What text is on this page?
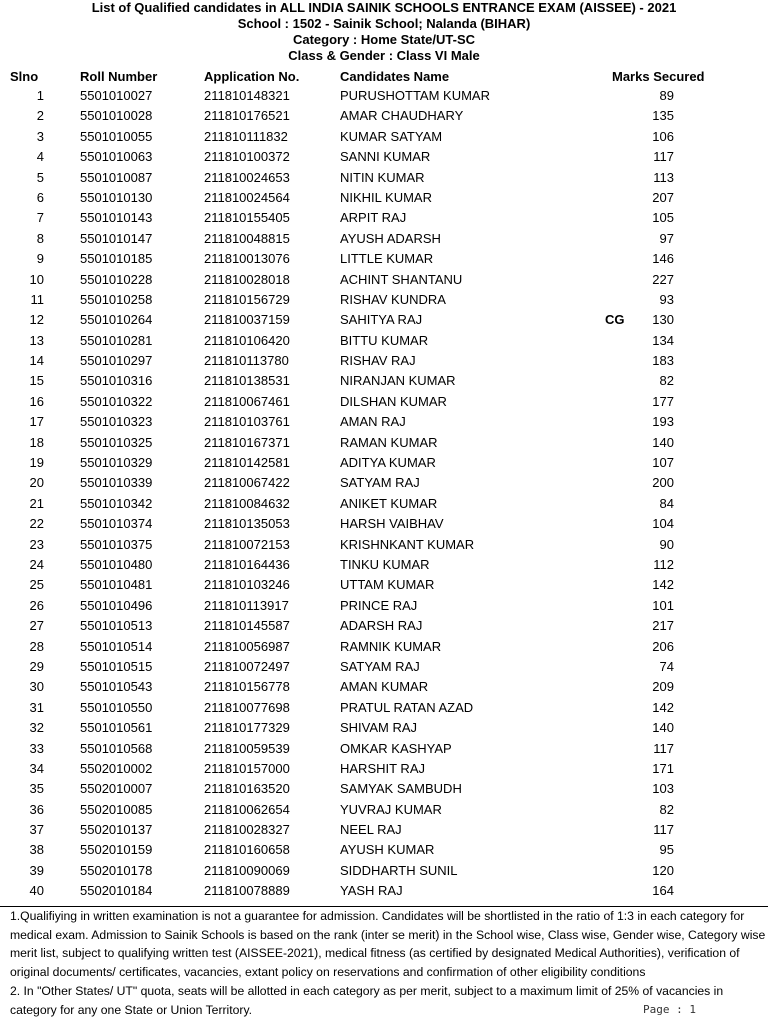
List of Qualified candidates in ALL INDIA SAINIK SCHOOLS ENTRANCE EXAM (AISSEE) - 2021
School : 1502 - Sainik School; Nalanda (BIHAR)
Category : Home State/UT-SC
Class & Gender : Class VI Male
Slno	Roll Number	Application No.	Candidates Name	Marks Secured
1	5501010027	211810148321	PURUSHOTTAM KUMAR	89
2	5501010028	211810176521	AMAR CHAUDHARY	135
3	5501010055	211810111832	KUMAR SATYAM	106
4	5501010063	211810100372	SANNI KUMAR	117
5	5501010087	211810024653	NITIN KUMAR	113
6	5501010130	211810024564	NIKHIL KUMAR	207
7	5501010143	211810155405	ARPIT RAJ	105
8	5501010147	211810048815	AYUSH ADARSH	97
9	5501010185	211810013076	LITTLE KUMAR	146
10	5501010228	211810028018	ACHINT SHANTANU	227
11	5501010258	211810156729	RISHAV KUNDRA	93
12	5501010264	211810037159	SAHITYA RAJ	CG	130
13	5501010281	211810106420	BITTU KUMAR	134
14	5501010297	211810113780	RISHAV RAJ	183
15	5501010316	211810138531	NIRANJAN KUMAR	82
16	5501010322	211810067461	DILSHAN KUMAR	177
17	5501010323	211810103761	AMAN RAJ	193
18	5501010325	211810167371	RAMAN KUMAR	140
19	5501010329	211810142581	ADITYA KUMAR	107
20	5501010339	211810067422	SATYAM RAJ	200
21	5501010342	211810084632	ANIKET KUMAR	84
22	5501010374	211810135053	HARSH VAIBHAV	104
23	5501010375	211810072153	KRISHNKANT KUMAR	90
24	5501010480	211810164436	TINKU KUMAR	112
25	5501010481	211810103246	UTTAM KUMAR	142
26	5501010496	211810113917	PRINCE RAJ	101
27	5501010513	211810145587	ADARSH RAJ	217
28	5501010514	211810056987	RAMNIK KUMAR	206
29	5501010515	211810072497	SATYAM RAJ	74
30	5501010543	211810156778	AMAN KUMAR	209
31	5501010550	211810077698	PRATUL RATAN AZAD	142
32	5501010561	211810177329	SHIVAM RAJ	140
33	5501010568	211810059539	OMKAR KASHYAP	117
34	5502010002	211810157000	HARSHIT RAJ	171
35	5502010007	211810163520	SAMYAK SAMBUDH	103
36	5502010085	211810062654	YUVRAJ KUMAR	82
37	5502010137	211810028327	NEEL RAJ	117
38	5502010159	211810160658	AYUSH KUMAR	95
39	5502010178	211810090069	SIDDHARTH SUNIL	120
40	5502010184	211810078889	YASH RAJ	164

1.Qualifiying in written examination is not a guarantee for admission. Candidates will be shortlisted in the ratio of 1:3 in each category for medical exam. Admission to Sainik Schools is based on the rank (inter se merit) in the School wise, Class wise, Gender wise, Category wise merit list, subject to qualifying written test (AISSEE-2021), medical fitness (as certified by designated Medical Authorities), verification of original documents/ certificates, vacancies, extant policy on reservations and confirmation of other eligibility conditions

2. In "Other States/ UT" quota, seats will be allotted in each category as per merit, subject to a maximum limit of 25% of vacancies in category for any one State or Union Territory.	Page : 1
